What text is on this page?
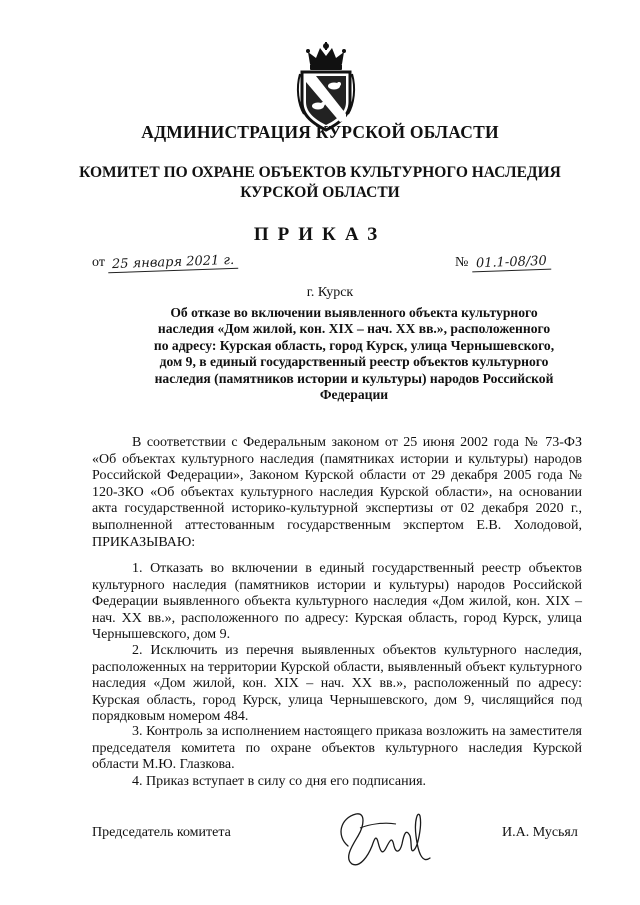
АДМИНИСТРАЦИЯ КУРСКОЙ ОБЛАСТИ
КОМИТЕТ ПО ОХРАНЕ ОБЪЕКТОВ КУЛЬТУРНОГО НАСЛЕДИЯ
КУРСКОЙ ОБЛАСТИ
ПРИКАЗ
от 25 января 2021 г.	№ 01.1-08/30
г. Курск
Об отказе во включении выявленного объекта культурного наследия «Дом жилой, кон. XIX – нач. XX вв.», расположенного по адресу: Курская область, город Курск, улица Чернышевского, дом 9, в единый государственный реестр объектов культурного наследия (памятников истории и культуры) народов Российской Федерации

В соответствии с Федеральным законом от 25 июня 2002 года № 73-ФЗ «Об объектах культурного наследия (памятниках истории и культуры) народов Российской Федерации», Законом Курской области от 29 декабря 2005 года № 120-ЗКО «Об объектах культурного наследия Курской области», на основании акта государственной историко-культурной экспертизы от 02 декабря 2020 г., выполненной аттестованным государственным экспертом Е.В. Холодовой, ПРИКАЗЫВАЮ:

1. Отказать во включении в единый государственный реестр объектов культурного наследия (памятников истории и культуры) народов Российской Федерации выявленного объекта культурного наследия «Дом жилой, кон. XIX – нач. XX вв.», расположенного по адресу: Курская область, город Курск, улица Чернышевского, дом 9.

2. Исключить из перечня выявленных объектов культурного наследия, расположенных на территории Курской области, выявленный объект культурного наследия «Дом жилой, кон. XIX – нач. XX вв.», расположенный по адресу: Курская область, город Курск, улица Чернышевского, дом 9, числящийся под порядковым номером 484.

3. Контроль за исполнением настоящего приказа возложить на заместителя председателя комитета по охране объектов культурного наследия Курской области М.Ю. Глазкова.

4. Приказ вступает в силу со дня его подписания.

Председатель комитета	И.А. Мусьял
